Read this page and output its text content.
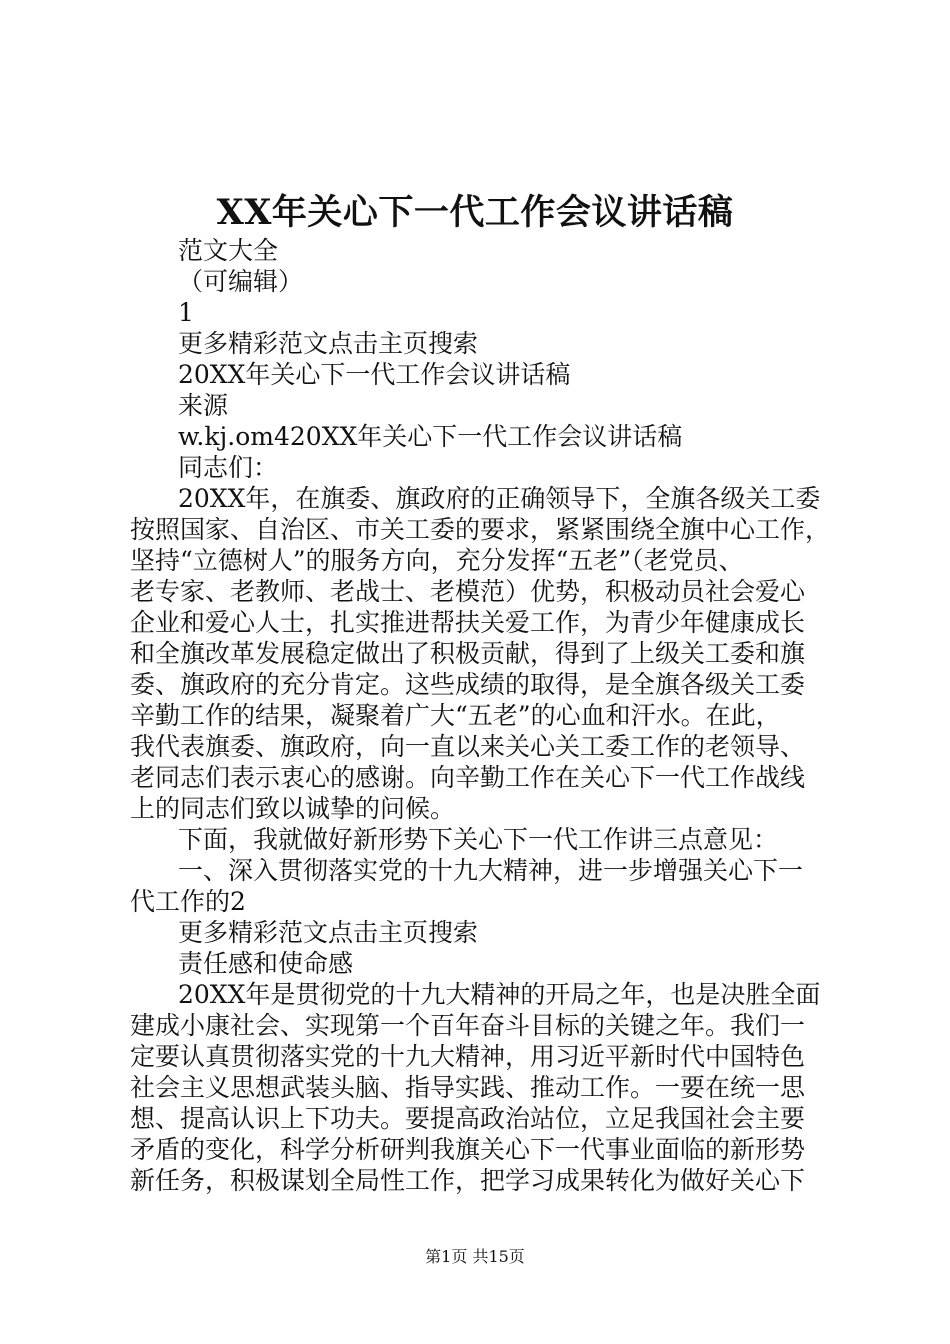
XX年关心下一代工作会议讲话稿
范文大全
（可编辑）
1
更多精彩范文点击主页搜索
20XX年关心下一代工作会议讲话稿
来源
w.kj.om420XX年关心下一代工作会议讲话稿
同志们：
20XX年，在旗委、旗政府的正确领导下，全旗各级关工委
按照国家、自治区、市关工委的要求，紧紧围绕全旗中心工作，
坚持“立德树人”的服务方向，充分发挥“五老”（老党员、
老专家、老教师、老战士、老模范）优势，积极动员社会爱心
企业和爱心人士，扎实推进帮扶关爱工作，为青少年健康成长
和全旗改革发展稳定做出了积极贡献，得到了上级关工委和旗
委、旗政府的充分肯定。这些成绩的取得，是全旗各级关工委
辛勤工作的结果，凝聚着广大“五老”的心血和汗水。在此，
我代表旗委、旗政府，向一直以来关心关工委工作的老领导、
老同志们表示衷心的感谢。向辛勤工作在关心下一代工作战线
上的同志们致以诚挚的问候。
下面，我就做好新形势下关心下一代工作讲三点意见：
一、深入贯彻落实党的十九大精神，进一步增强关心下一
代工作的2
更多精彩范文点击主页搜索
责任感和使命感
20XX年是贯彻党的十九大精神的开局之年，也是决胜全面
建成小康社会、实现第一个百年奋斗目标的关键之年。我们一
定要认真贯彻落实党的十九大精神，用习近平新时代中国特色
社会主义思想武装头脑、指导实践、推动工作。一要在统一思
想、提高认识上下功夫。要提高政治站位，立足我国社会主要
矛盾的变化，科学分析研判我旗关心下一代事业面临的新形势
新任务，积极谋划全局性工作，把学习成果转化为做好关心下
第1页 共15页
